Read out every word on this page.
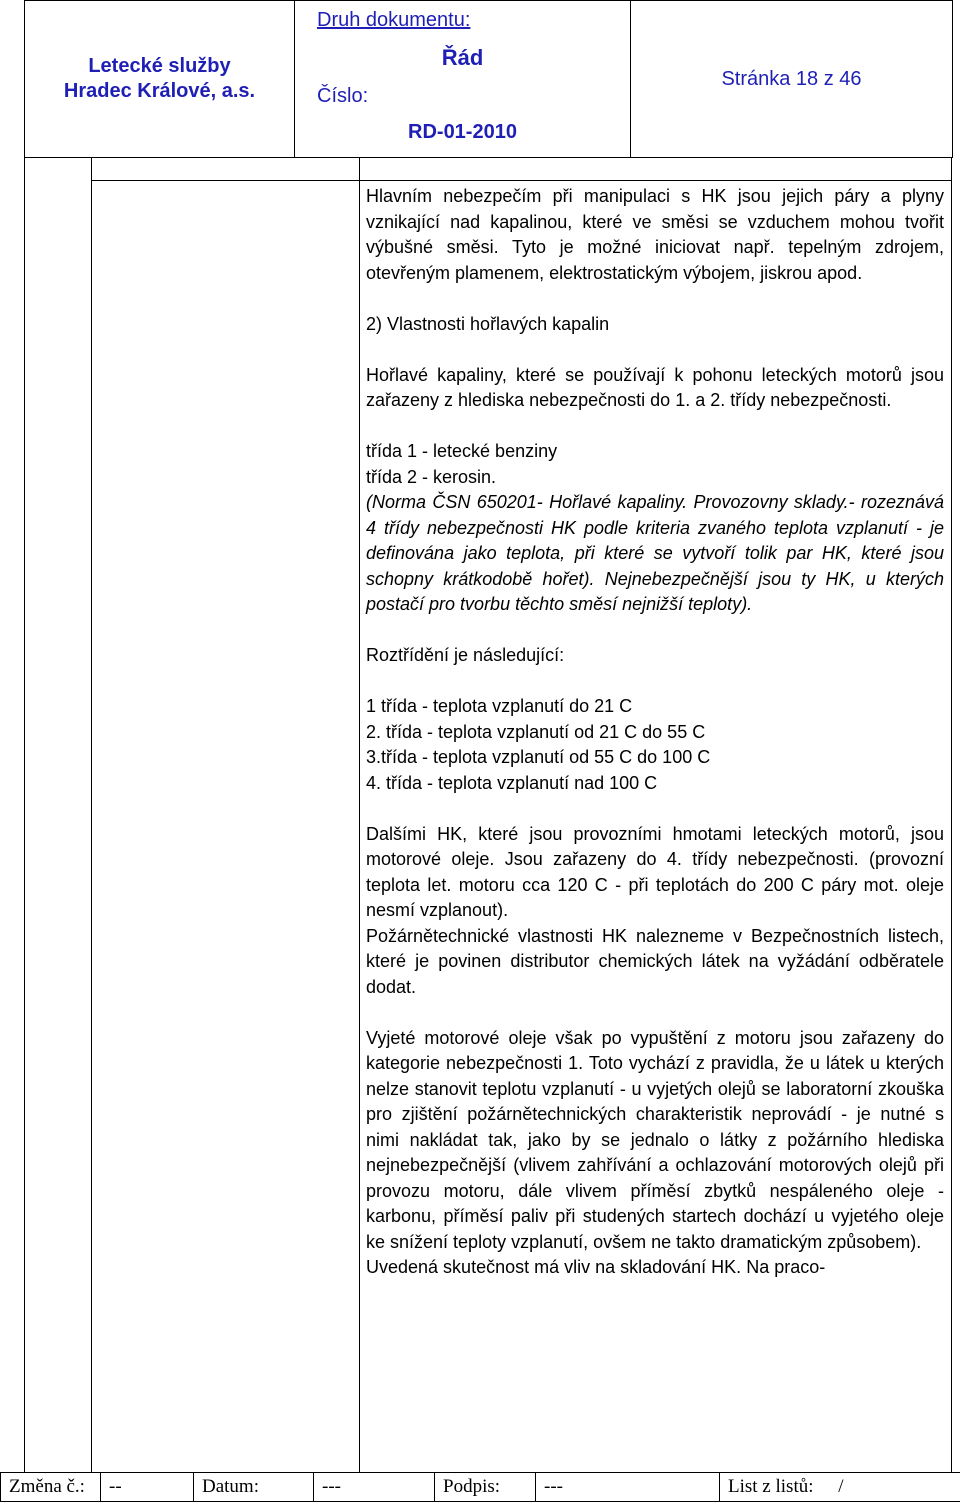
Letecké služby
Hradec Králové, a.s.

Druh dokumentu:
Řád
Číslo:
RD-01-2010
	Stránka 18 z 46

Hlavním nebezpečím při manipulaci s HK jsou jejich páry a plyny vznikající nad kapalinou, které ve směsi se vzduchem mohou tvořit výbušné směsi. Tyto je možné iniciovat např. tepelným zdrojem, otevřeným plamenem, elektrostatickým výbojem, jiskrou apod.

2) Vlastnosti hořlavých kapalin

Hořlavé kapaliny, které se používají k pohonu leteckých motorů jsou zařazeny z hlediska nebezpečnosti do 1. a 2. třídy nebezpečnosti.

třída 1 - letecké benziny

třída 2 - kerosin.

(Norma ČSN 650201- Hořlavé kapaliny. Provozovny sklady.- rozeznává 4 třídy nebezpečnosti HK podle kriteria zvaného teplota vzplanutí - je definována jako teplota, při které se vytvoří tolik par HK, které jsou schopny krátkodobě hořet). Nejnebezpečnější jsou ty HK, u kterých postačí pro tvorbu těchto směsí nejnižší teploty).

Roztřídění je následující:

1 třída - teplota vzplanutí do 21 C

2. třída - teplota vzplanutí od 21 C do 55 C

3.třída - teplota vzplanutí od 55 C do 100 C

4. třída - teplota vzplanutí nad 100 C

Dalšími HK, které jsou provozními hmotami leteckých motorů, jsou motorové oleje. Jsou zařazeny do 4. třídy nebezpečnosti. (provozní teplota let. motoru cca 120 C - při teplotách do 200 C páry mot. oleje nesmí vzplanout).

Požárnětechnické vlastnosti HK nalezneme v Bezpečnostních listech, které je povinen distributor chemických látek na vyžádání odběratele dodat.

Vyjeté motorové oleje však po vypuštění z motoru jsou zařazeny do kategorie nebezpečnosti 1. Toto vychází z pravidla, že u látek u kterých nelze stanovit teplotu vzplanutí - u vyjetých olejů se laboratorní zkouška pro zjištění požárnětechnických charakteristik neprovádí - je nutné s nimi nakládat tak, jako by se jednalo o látky z požárního hlediska nejnebezpečnější (vlivem zahřívání a ochlazování motorových olejů při provozu motoru, dále vlivem příměsí zbytků nespáleného oleje - karbonu, příměsí paliv při studených startech dochází u vyjetého oleje ke snížení teploty vzplanutí, ovšem ne takto dramatickým způsobem).

Uvedená skutečnost má vliv na skladování HK. Na praco-

Změna č.:	--	Datum:	---	Podpis:	---	List z listů: /
